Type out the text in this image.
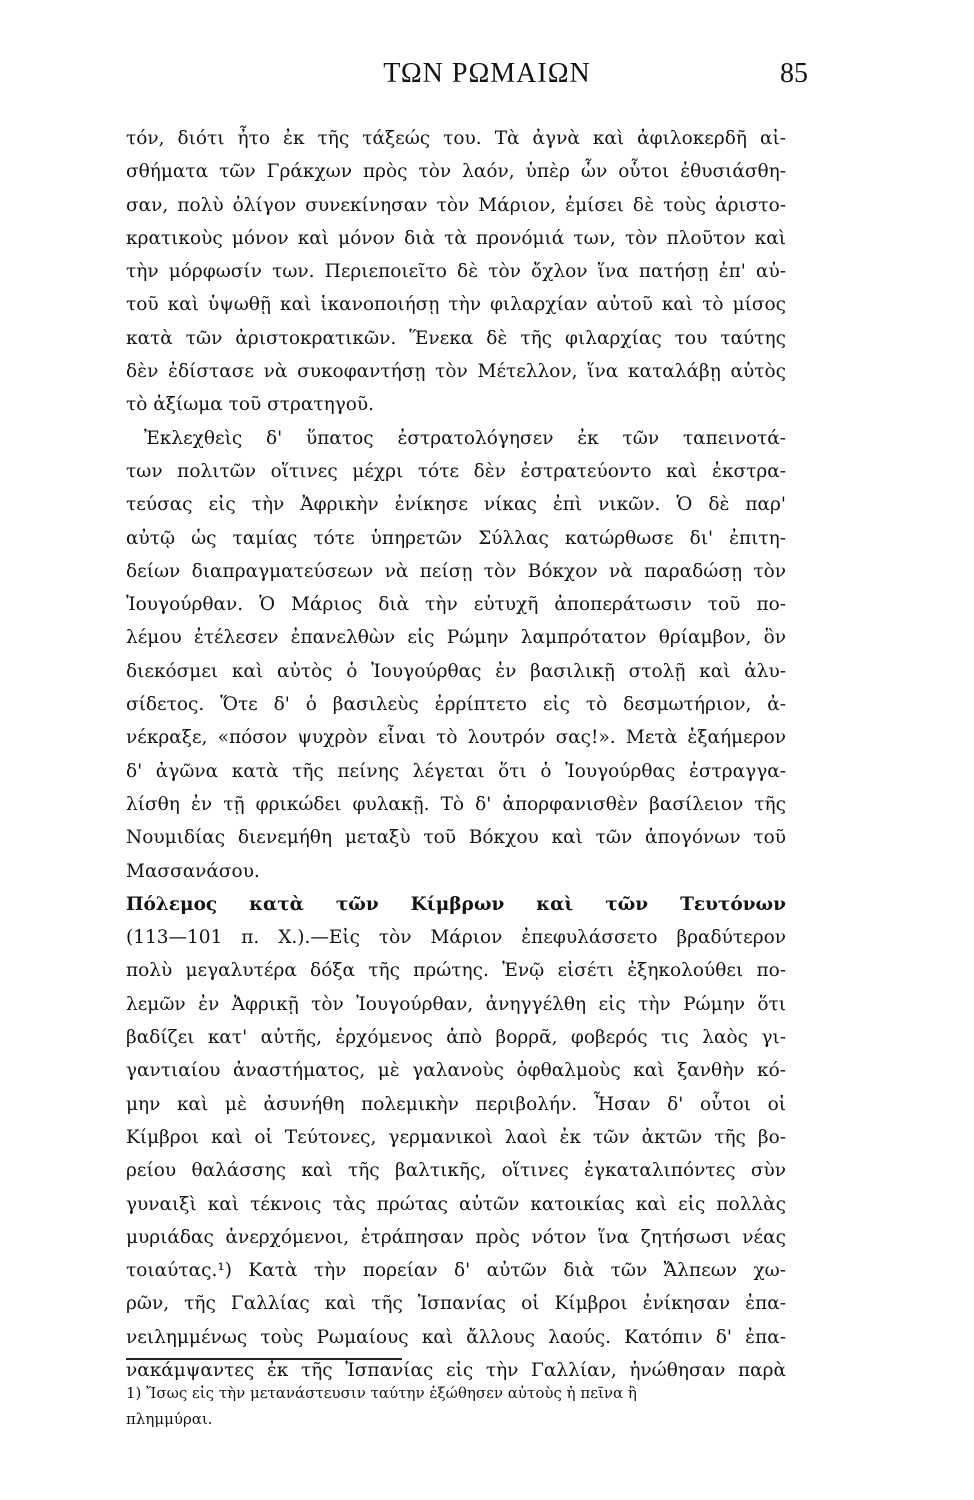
ΤΩΝ ΡΩΜΑΙΩΝ	85
τόν, διότι ἦτο ἐκ τῆς τάξεώς του. Τὰ ἀγνὰ καὶ ἀφιλοκερδῆ αἰ-
σθήματα τῶν Γράκχων πρὸς τὸν λαόν, ὑπὲρ ὧν οὗτοι ἐθυσιάσθη-
σαν, πολὺ ὀλίγον συνεκίνησαν τὸν Μάριον, ἐμίσει δὲ τοὺς ἀριστο-
κρατικοὺς μόνον καὶ μόνον διὰ τὰ προνόμιά των, τὸν πλοῦτον καὶ
τὴν μόρφωσίν των. Περιεποιεῖτο δὲ τὸν ὄχλον ἵνα πατήσῃ ἐπ' αὐ-
τοῦ καὶ ὑψωθῇ καὶ ἱκανοποιήσῃ τὴν φιλαρχίαν αὐτοῦ καὶ τὸ μίσος
κατὰ τῶν ἀριστοκρατικῶν. Ἕνεκα δὲ τῆς φιλαρχίας του ταύτης
δὲν ἐδίστασε νὰ συκοφαντήσῃ τὸν Μέτελλον, ἵνα καταλάβῃ αὐτὸς
τὸ ἀξίωμα τοῦ στρατηγοῦ.
Ἐκλεχθεὶς δ' ὕπατος ἐστρατολόγησεν ἐκ τῶν ταπεινοτά-
των πολιτῶν οἵτινες μέχρι τότε δὲν ἐστρατεύοντο καὶ ἐκστρα-
τεύσας εἰς τὴν Ἀφρικὴν ἐνίκησε νίκας ἐπὶ νικῶν. Ὁ δὲ παρ'
αὐτῷ ὡς ταμίας τότε ὑπηρετῶν Σύλλας κατώρθωσε δι' ἐπιτη-
δείων διαπραγματεύσεων νὰ πείσῃ τὸν Βόκχον νὰ παραδώσῃ τὸν
Ἰουγούρθαν. Ὁ Μάριος διὰ τὴν εὐτυχῆ ἀποπεράτωσιν τοῦ πο-
λέμου ἐτέλεσεν ἐπανελθὼν εἰς Ρώμην λαμπρότατον θρίαμβον, ὃν
διεκόσμει καὶ αὐτὸς ὁ Ἰουγούρθας ἐν βασιλικῇ στολῇ καὶ ἀλυ-
σίδετος. Ὅτε δ' ὁ βασιλεὺς ἐρρίπτετο εἰς τὸ δεσμωτήριον, ἀ-
νέκραξε, «πόσον ψυχρὸν εἶναι τὸ λουτρόν σας!». Μετὰ ἑξαήμερον
δ' ἀγῶνα κατὰ τῆς πείνης λέγεται ὅτι ὁ Ἰουγούρθας ἐστραγγα-
λίσθη ἐν τῇ φρικώδει φυλακῇ. Τὸ δ' ἀπορφανισθὲν βασίλειον τῆς
Νουμιδίας διενεμήθη μεταξὺ τοῦ Βόκχου καὶ τῶν ἀπογόνων τοῦ
Μασσανάσου.
Πόλεμος κατὰ τῶν Κίμβρων καὶ τῶν Τευτόνων
(113—101 π. Χ.).—Εἰς τὸν Μάριον ἐπεφυλάσσετο βραδύτερον
πολὺ μεγαλυτέρα δόξα τῆς πρώτης. Ἐνῷ εἰσέτι ἐξηκολούθει πο-
λεμῶν ἐν Ἀφρικῇ τὸν Ἰουγούρθαν, ἀνηγγέλθη εἰς τὴν Ρώμην ὅτι
βαδίζει κατ' αὐτῆς, ἐρχόμενος ἀπὸ βορρᾶ, φοβερός τις λαὸς γι-
γαντιαίου ἀναστήματος, μὲ γαλανοὺς ὀφθαλμοὺς καὶ ξανθὴν κό-
μην καὶ μὲ ἀσυνήθη πολεμικὴν περιβολήν. Ἦσαν δ' οὗτοι οἱ
Κίμβροι καὶ οἱ Τεύτονες, γερμανικοὶ λαοὶ ἐκ τῶν ἀκτῶν τῆς βο-
ρείου θαλάσσης καὶ τῆς βαλτικῆς, οἵτινες ἐγκαταλιπόντες σὺν
γυναιξὶ καὶ τέκνοις τὰς πρώτας αὐτῶν κατοικίας καὶ εἰς πολλὰς
μυριάδας ἀνερχόμενοι, ἐτράπησαν πρὸς νότον ἵνα ζητήσωσι νέας
τοιαύτας.¹) Κατὰ τὴν πορείαν δ' αὐτῶν διὰ τῶν Ἄλπεων χω-
ρῶν, τῆς Γαλλίας καὶ τῆς Ἱσπανίας οἱ Κίμβροι ἐνίκησαν ἐπα-
νειλημμένως τοὺς Ρωμαίους καὶ ἄλλους λαούς. Κατόπιν δ' ἐπα-
νακάμψαντες ἐκ τῆς Ἱσπανίας εἰς τὴν Γαλλίαν, ἡνώθησαν παρὰ
1) Ἴσως εἰς τὴν μετανάστευσιν ταύτην ἐξώθησεν αὐτοὺς ἡ πεῖνα ἢ
πλημμύραι.
